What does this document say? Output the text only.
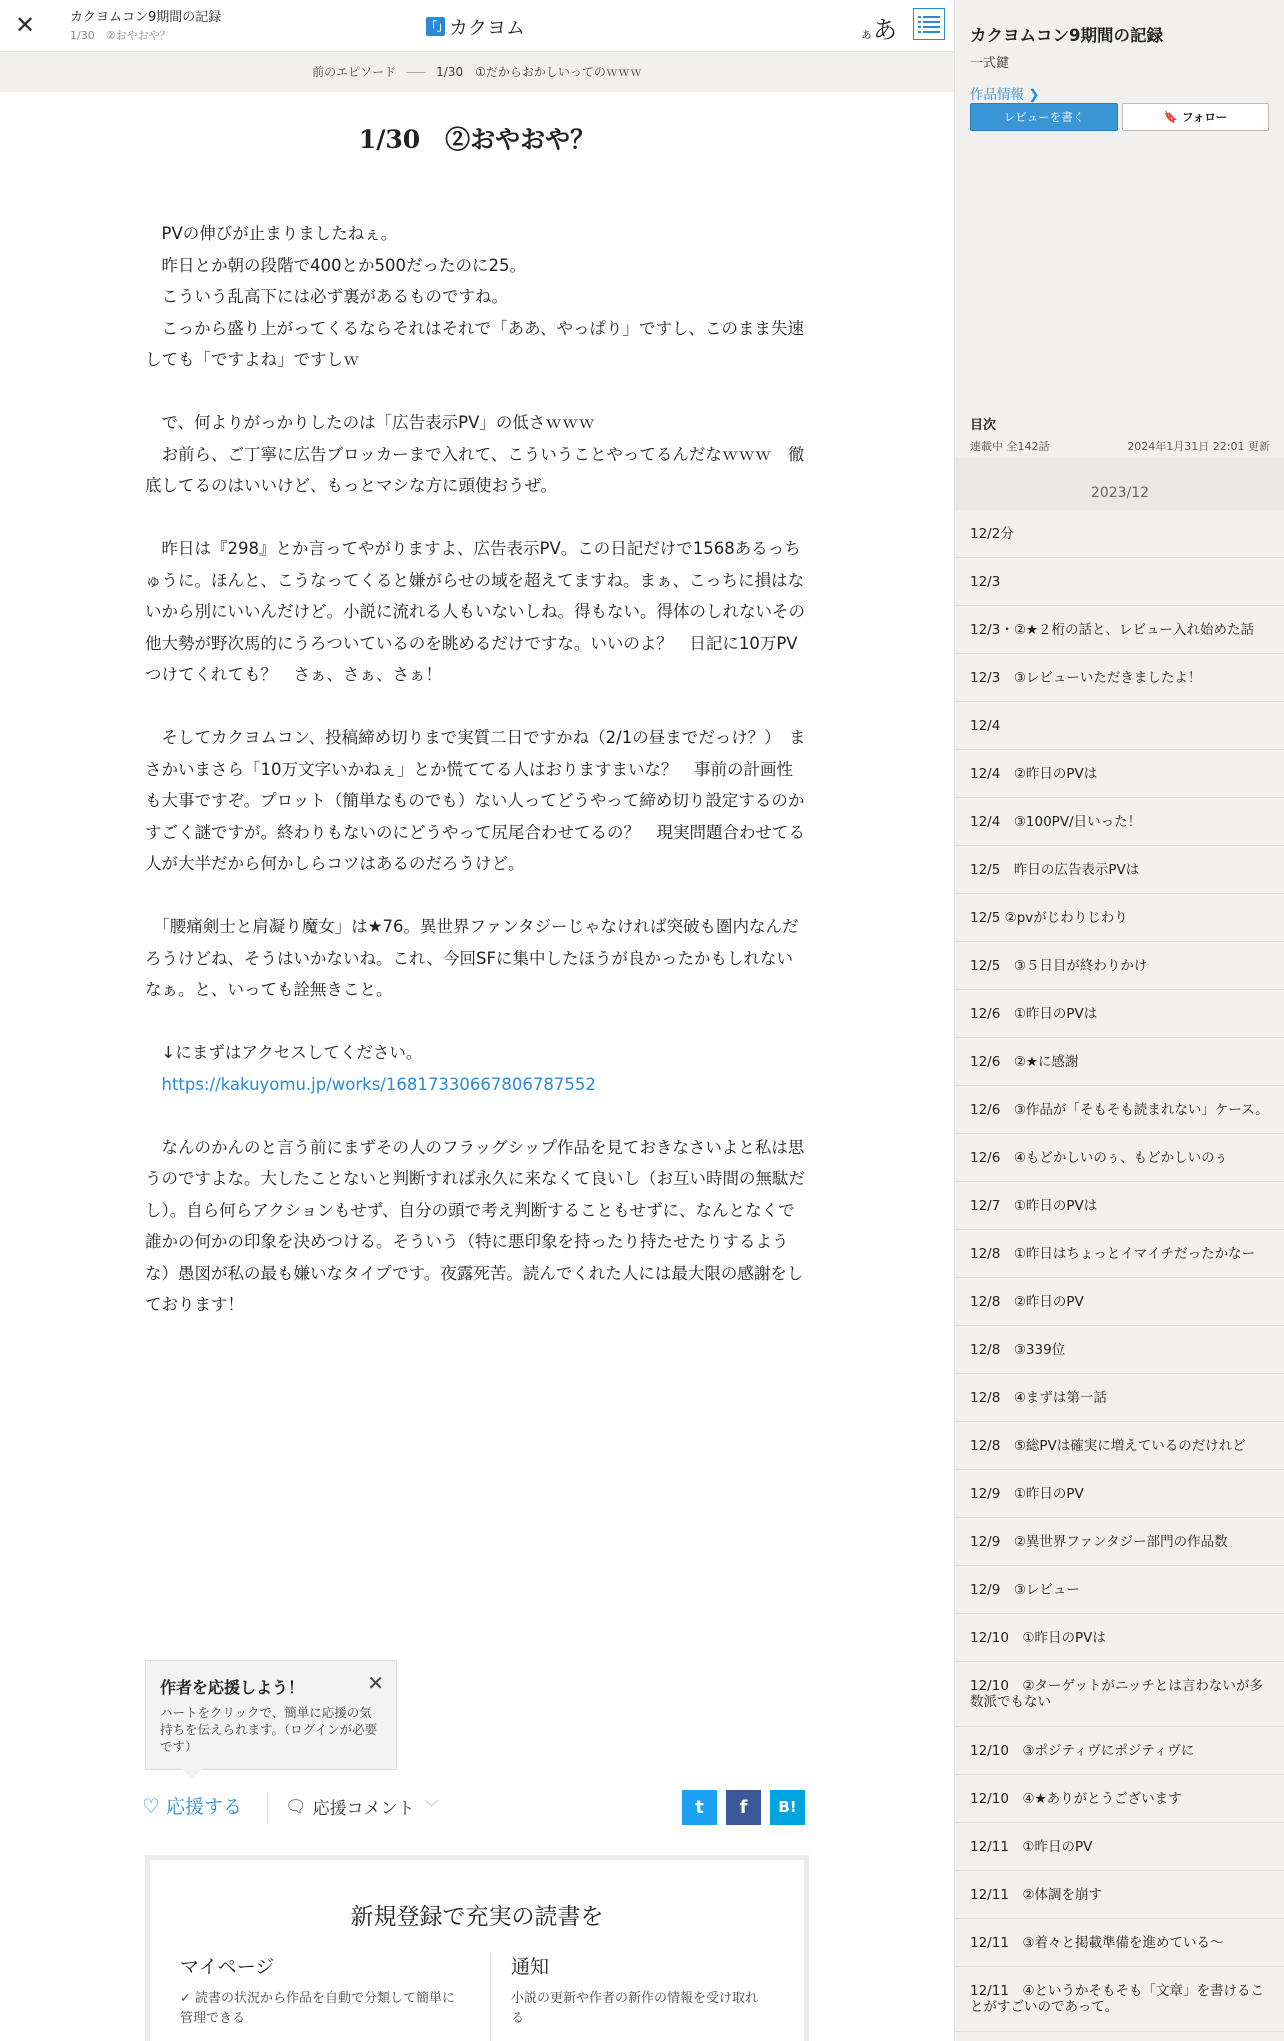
✕	カクヨムコン9期間の記録
1/30　②おやおや？
「」 カクヨム	ぁあ
前のエピソード	1/30　①だからおかしいってのｗｗｗ
1/30　②おやおや？

　PVの伸びが止まりましたねぇ。

　昨日とか朝の段階で400とか500だったのに25。

　こういう乱高下には必ず裏があるものですね。

　こっから盛り上がってくるならそれはそれで「ああ、やっぱり」ですし、このまま失速しても「ですよね」ですしｗ

　で、何よりがっかりしたのは「広告表示PV」の低さｗｗｗ

　お前ら、ご丁寧に広告ブロッカーまで入れて、こういうことやってるんだなｗｗｗ　徹底してるのはいいけど、もっとマシな方に頭使おうぜ。

　昨日は『298』とか言ってやがりますよ、広告表示PV。この日記だけで1568あるっちゅうに。ほんと、こうなってくると嫌がらせの域を超えてますね。まぁ、こっちに損はないから別にいいんだけど。小説に流れる人もいないしね。得もない。得体のしれないその他大勢が野次馬的にうろついているのを眺めるだけですな。いいのよ？　日記に10万PVつけてくれても？　さぁ、さぁ、さぁ！

　そしてカクヨムコン、投稿締め切りまで実質二日ですかね（2/1の昼までだっけ？）　まさかいまさら「10万文字いかねぇ」とか慌ててる人はおりますまいな？　事前の計画性も大事ですぞ。プロット（簡単なものでも）ない人ってどうやって締め切り設定するのかすごく謎ですが。終わりもないのにどうやって尻尾合わせてるの？　現実問題合わせてる人が大半だから何かしらコツはあるのだろうけど。

　「腰痛剣士と肩凝り魔女」は★76。異世界ファンタジーじゃなければ突破も圏内なんだろうけどね、そうはいかないね。これ、今回SFに集中したほうが良かったかもしれないなぁ。と、いっても詮無きこと。

　↓にまずはアクセスしてください。

　https://kakuyomu.jp/works/16817330667806787552

　なんのかんのと言う前にまずその人のフラッグシップ作品を見ておきなさいよと私は思うのですよな。大したことないと判断すれば永久に来なくて良いし（お互い時間の無駄だし）。自ら何らアクションもせず、自分の頭で考え判断することもせずに、なんとなくで誰かの何かの印象を決めつける。そういう（特に悪印象を持ったり持たせたりするような）愚図が私の最も嫌いなタイプです。夜露死苦。読んでくれた人には最大限の感謝をしております！

作者を応援しよう！
ハートをクリックで、簡単に応援の気持ちを伝えられます。（ログインが必要です）
✕
♡ 応援する	🗨 応援コメント ﹀	t	f	B!
新規登録で充実の読書を
マイページ

✓ 読書の状況から作品を自動で分類して簡単に管理できる

通知

小説の更新や作者の新作の情報を受け取れる

カクヨムコン9期間の記録
一式鍵
作品情報 ❯
レビューを書く	🔖 フォロー
目次
連載中 全142話	2024年1月31日 22:01 更新
2023/12
12/2分
12/3
12/3・②★２桁の話と、レビュー入れ始めた話
12/3　③レビューいただきましたよ！
12/4
12/4　②昨日のPVは
12/4　③100PV/日いった！
12/5　昨日の広告表示PVは
12/5 ②pvがじわりじわり
12/5　③５日目が終わりかけ
12/6　①昨日のPVは
12/6　②★に感謝
12/6　③作品が「そもそも読まれない」ケース。
12/6　④もどかしいのぅ、もどかしいのぅ
12/7　①昨日のPVは
12/8　①昨日はちょっとイマイチだったかなー
12/8　②昨日のPV
12/8　③339位
12/8　④まずは第一話
12/8　⑤総PVは確実に増えているのだけれど
12/9　①昨日のPV
12/9　②異世界ファンタジー部門の作品数
12/9　③レビュー
12/10　①昨日のPVは
12/10　②ターゲットがニッチとは言わないが多数派でもない
12/10　③ポジティヴにポジティヴに
12/10　④★ありがとうございます
12/11　①昨日のPV
12/11　②体調を崩す
12/11　③着々と掲載準備を進めている〜
12/11　④というかそもそも「文章」を書けることがすごいのであって。
